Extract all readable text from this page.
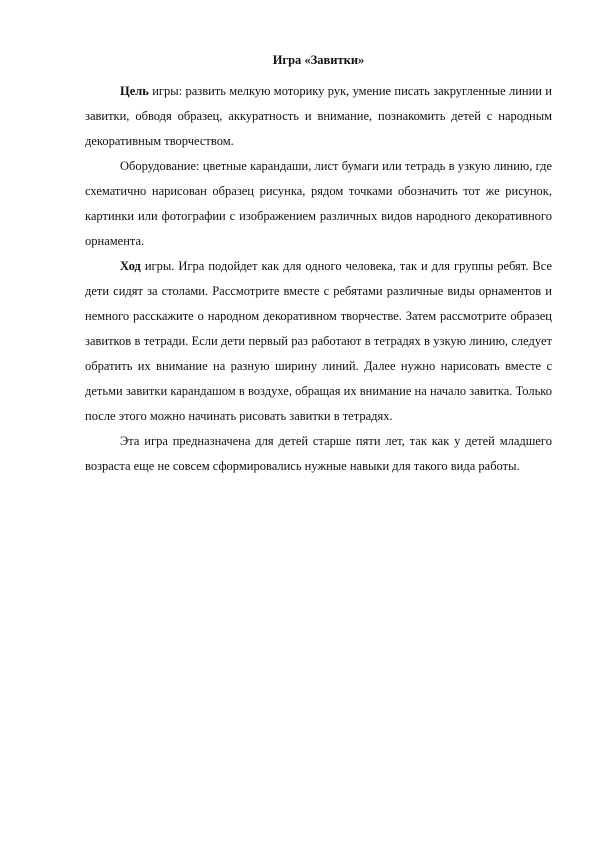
Игра «Завитки»

Цель игры: развить мелкую моторику рук, умение писать закругленные линии и завитки, обводя образец, аккуратность и внимание, познакомить детей с народным декоративным творчеством.

Оборудование: цветные карандаши, лист бумаги или тетрадь в узкую линию, где схематично нарисован образец рисунка, рядом точками обозначить тот же рисунок, картинки или фотографии с изображением различных видов народного декоративного орнамента.

Ход игры. Игра подойдет как для одного человека, так и для группы ребят. Все дети сидят за столами. Рассмотрите вместе с ребятами различные виды орнаментов и немного расскажите о народном декоративном творчестве. Затем рассмотрите образец завитков в тетради. Если дети первый раз работают в тетрадях в узкую линию, следует обратить их внимание на разную ширину линий. Далее нужно нарисовать вместе с детьми завитки карандашом в воздухе, обращая их внимание на начало завитка. Только после этого можно начинать рисовать завитки в тетрадях.

Эта игра предназначена для детей старше пяти лет, так как у детей младшего возраста еще не совсем сформировались нужные навыки для такого вида работы.
